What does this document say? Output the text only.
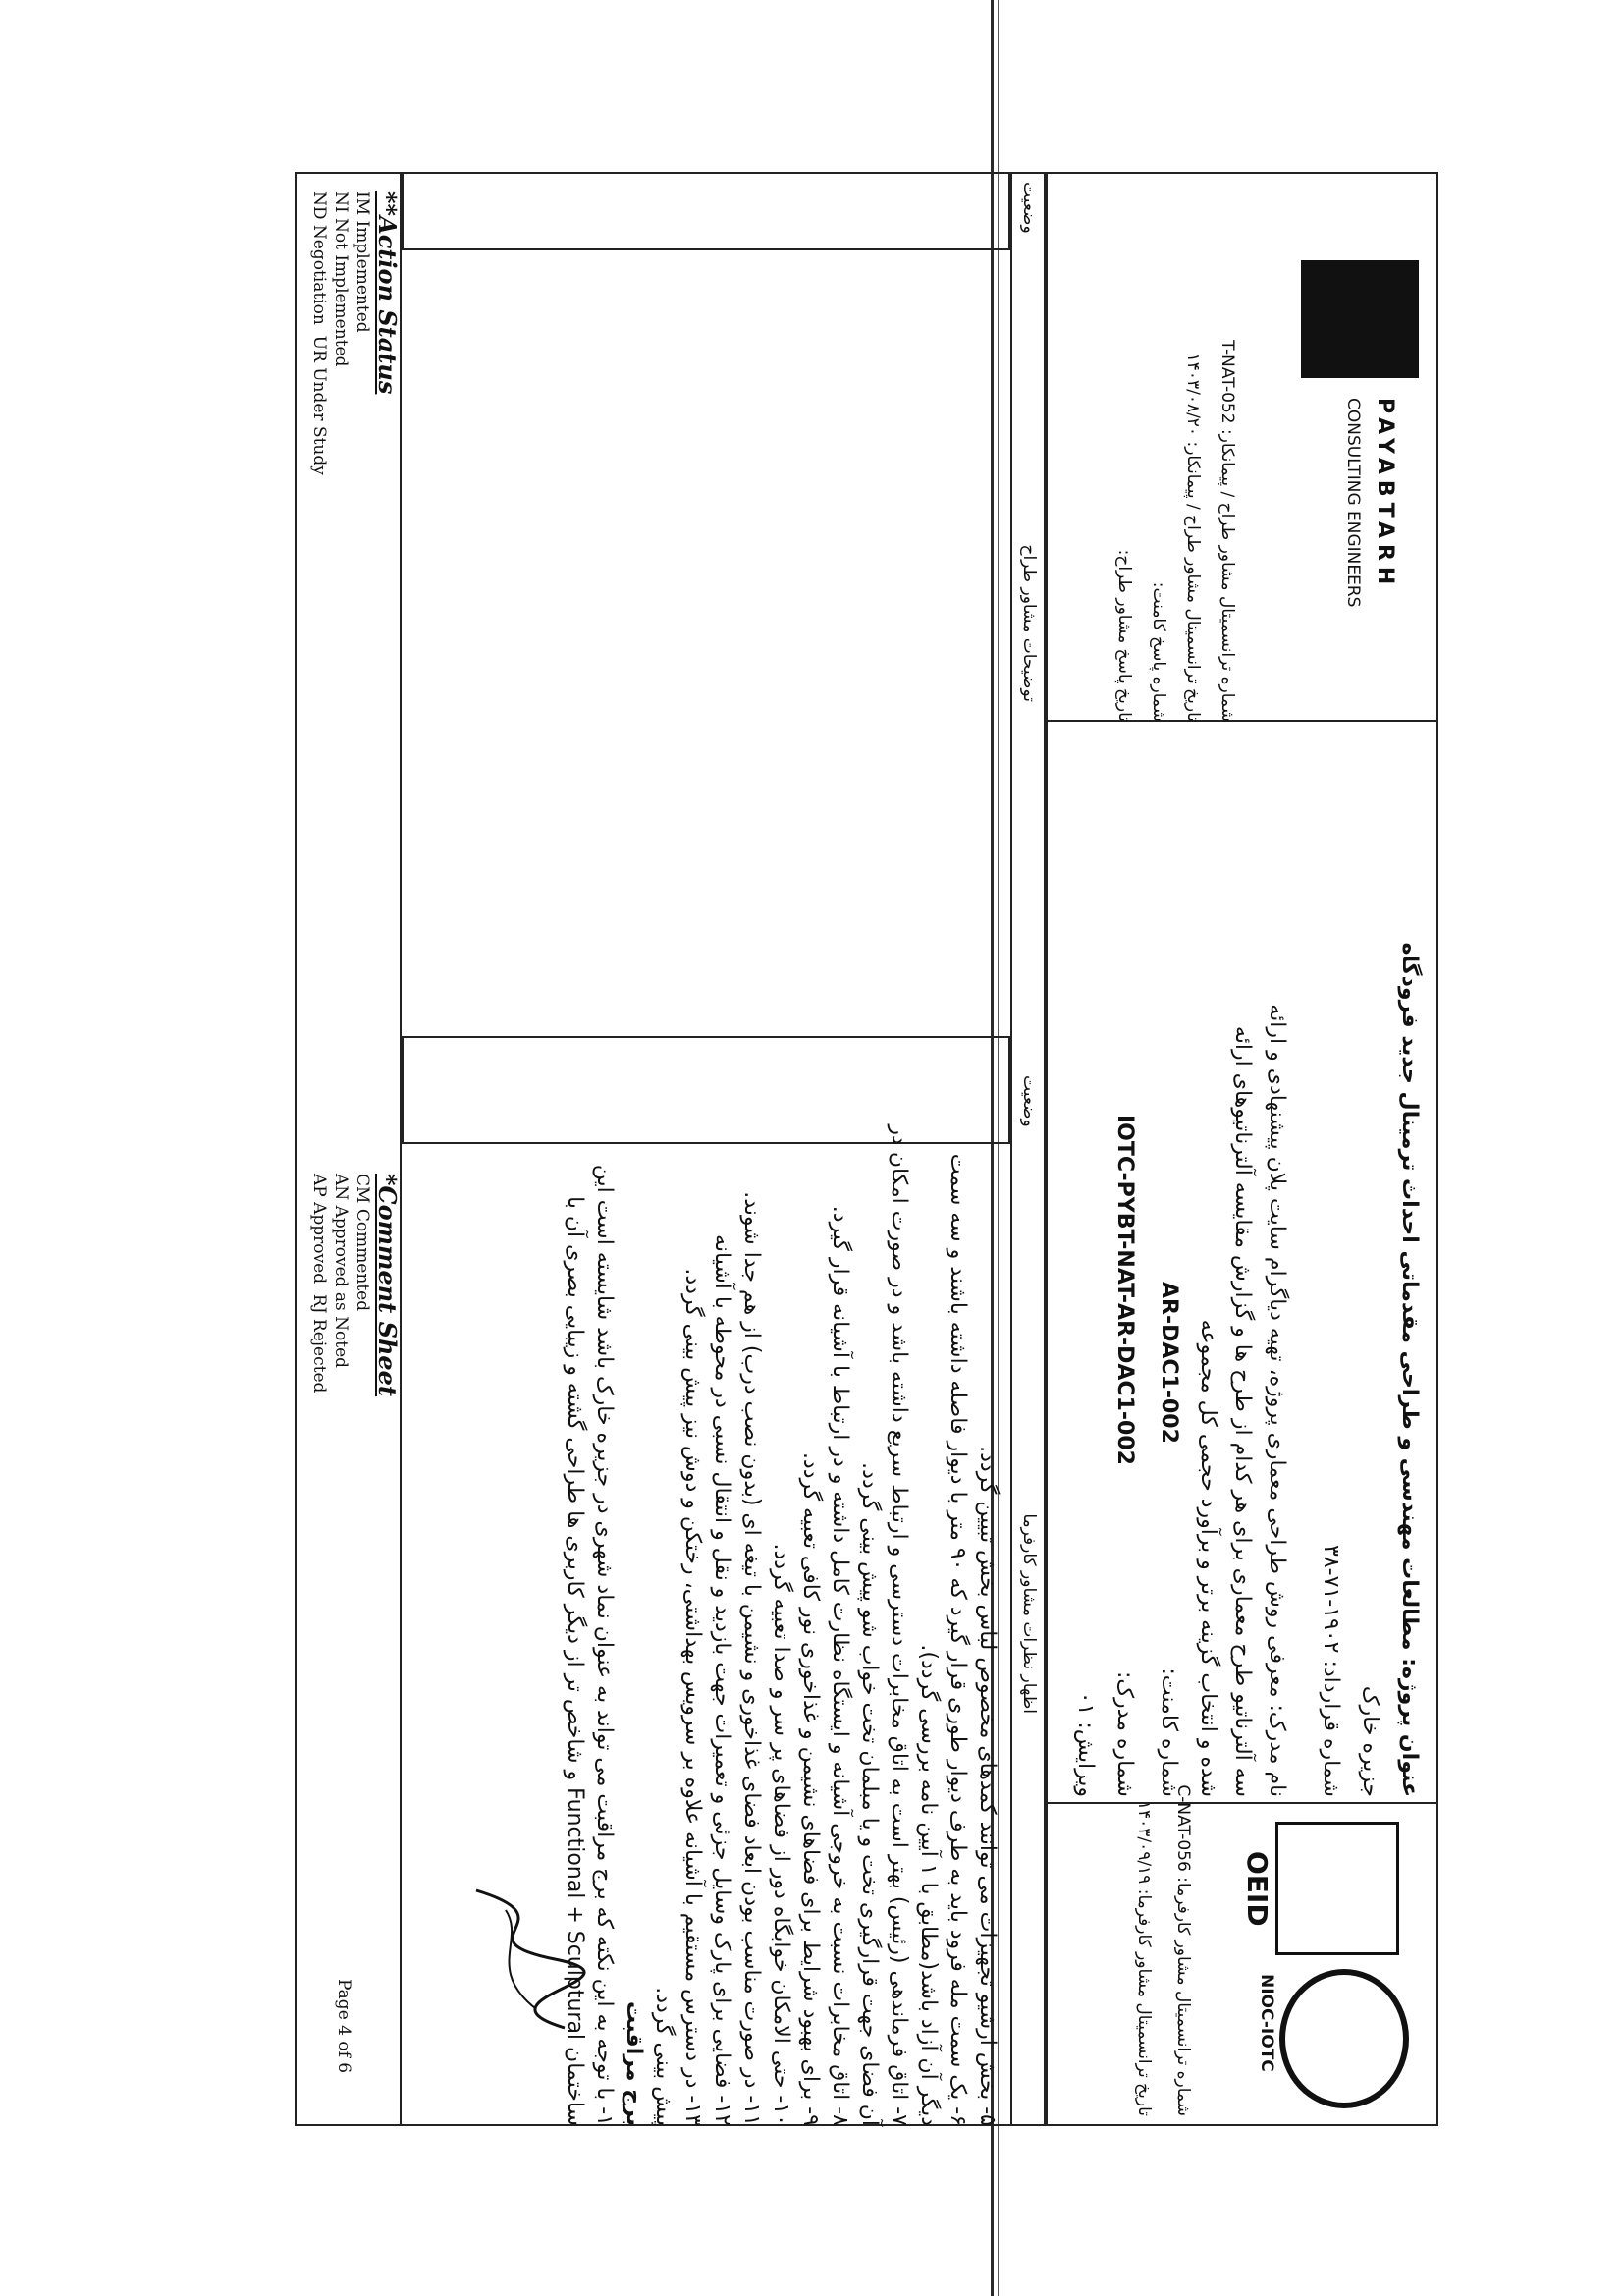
NIOC-IOTC
OEID
PAYABTARH
CONSULTING ENGINEERS
عنوان پروژه: مطالعات مهندسی و طراحی مقدماتی احداث ترمینال جدید فرودگاه
جزیره خارک
شماره قرارداد: ۱۹۰۲-۷۱-۳۸
نام مدرک: معرفی روش طراحی معماری پروژه، تهیه دیاگرام سایت پلان پیشنهادی و ارائه
سه آلترناتیو طرح معماری برای هر کدام از طرح ها و گزارش مقایسه آلترناتیوهای ارائه
شده و انتخاب گزینه برتر و برآورد حجمی کل مجموعه
شماره کامنت:
AR-DAC1-002
شماره مدرک:
IOTC-PYBT-NAT-AR-DAC1-002
ویرایش: ۰۱
شماره ترانسمیتال مشاور طراح / پیمانکار: T-NAT-052
تاریخ ترانسمیتال مشاور طراح / پیمانکار: ۱۴۰۳/۰۸/۲۰
شماره پاسخ کامنت:
تاریخ پاسخ مشاور طراح:
شماره ترانسمیتال مشاور کارفرما: C-NAT-056
تاریخ ترانسمیتال مشاور کارفرما: ۱۴۰۳/۰۹/۱۹
اظهار نظرات مشاور کارفرما
وضعیت
توضیحات مشاور طراح
وضعیت
۵- بخش ارشیو تجهیزات می توانند کمدهای مخصوص لباس بخش تبیین گردد.
۶- یک سمت مله فرود باید به طرف دیوار طوری قرار گیرد که ۹۰ متر با دیوار فاصله داشته باشند و سه سمت
دیگر آن آزاد باشد(مطابق با ۱ آیین نامه بررسی گردد).
۷- اتاق فرماندهی (رئیس) بهتر است به اتاق مخابرات دسترسی و ارتباط سریع داشته باشد و در صورت امکان در
آن فضای جهت قرارگیری تخت و یا مبلمان تخت خواب شو پیش بینی گردد.
۸- اتاق مخابرات نسبت به خروجی آشیانه و ایستگاه نظارت کامل داشته و در ارتباط با آشیانه قرار گیرد.
۹- برای بهبود شرایط برای فضاهای نشیمن و غذاخوری نور کافی تعبیه گردد.
۱۰- حتی الامکان خوابگاه دور از فضاهای پر سر و صدا تعبیه گردد.
۱۱- در صورت مناسب بودن ابعاد فضای غذاخوری و نشیمن با تیغه ای (بدون نصب درب) از هم جدا شوند.
۱۲- فضایی برای پارک وسایل جزئی و تعمیرات جهت بازدید و نقل و انتقال نسبی در محوطه با آشیانه
۱۳- در دسترس مستقیم با آشیانه علاوه بر سرویس بهداشتی، رختکن و دوش نیز پیش بینی گردد.
پیش بینی گردد.
برج مراقبت
۱- با توجه به این نکته که برج مراقبت می تواند به عنوان نماد شهری در جزیره خارک باشد شایسته است این
ساختمان Functional + Sculptural و شاخص تر از دیگر کاربری ها طراحی گشته و زیبایی بصری آن با
**Action Status
IM Implemented
NI Not Implemented
ND Negotiation  UR Under Study
*Comment Sheet
CM Commented
AN Approved as Noted
AP Approved  RJ Rejected
Page 4 of 6
